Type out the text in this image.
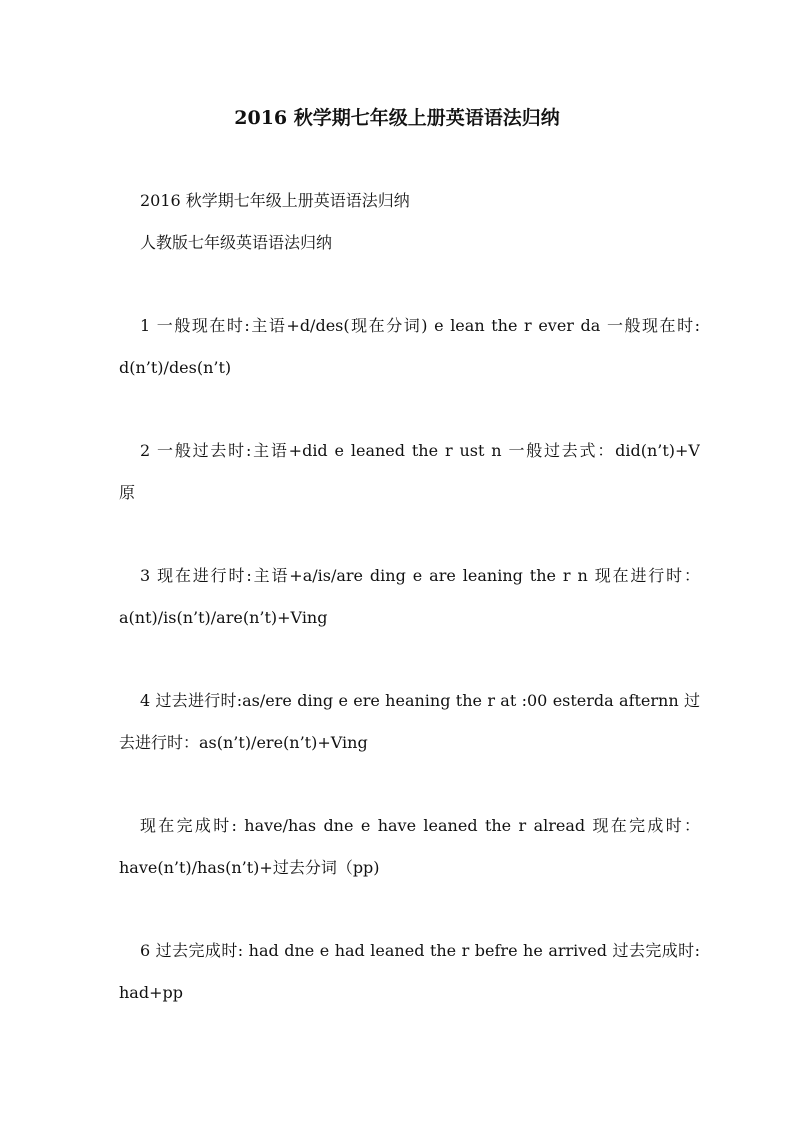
2016 秋学期七年级上册英语语法归纳

2016 秋学期七年级上册英语语法归纳

人教版七年级英语语法归纳

1 一般现在时:主语+d/des(现在分词) e lean the r ever da 一般现在时:

d(n’t)/des(n’t)

2 一般过去时:主语+did e leaned the r ust n 一般过去式：did(n’t)+V

原

3 现在进行时:主语+a/is/are ding e are leaning the r n 现在进行时：

a(nt)/is(n’t)/are(n’t)+Ving

4 过去进行时:as/ere ding e ere heaning the r at :00 esterda afternn 过

去进行时：as(n’t)/ere(n’t)+Ving

现在完成时: have/has dne e have leaned the r alread 现在完成时：

have(n’t)/has(n’t)+过去分词（pp)

6 过去完成时: had dne e had leaned the r befre he arrived 过去完成时:

had+pp
